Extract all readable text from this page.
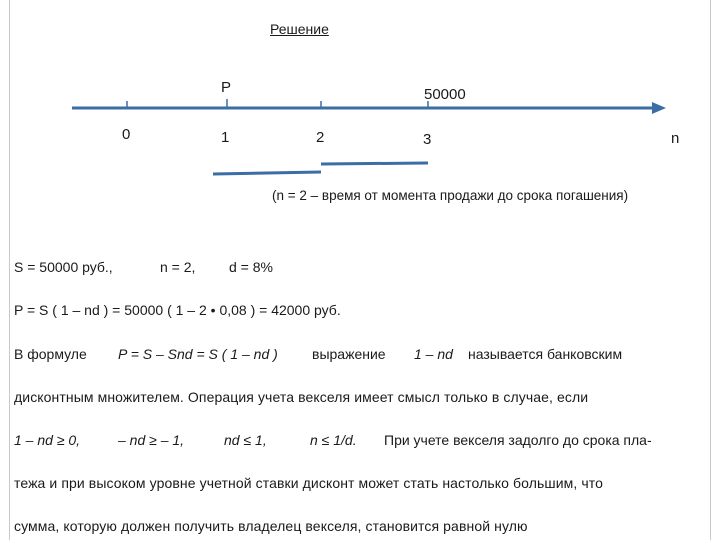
Решение
P	50000
0	1	2	3	n
(n = 2 – время от момента продажи до срока погашения)
S = 50000 руб.,	n = 2, d = 8%
P = S ( 1 – nd ) = 50000 ( 1 – 2 • 0,08 ) = 42000 руб.
В формуле P = S – Snd = S ( 1 – nd ) выражение 1 – nd называется банковским
дисконтным множителем. Операция учета векселя имеет смысл только в случае, если
1 – nd ≥ 0,	– nd ≥ – 1,	nd ≤ 1,	n ≤ 1/d. При учете векселя задолго до срока пла-
тежа и при высоком уровне учетной ставки дисконт может стать настолько большим, что
сумма, которую должен получить владелец векселя, становится равной нулю
